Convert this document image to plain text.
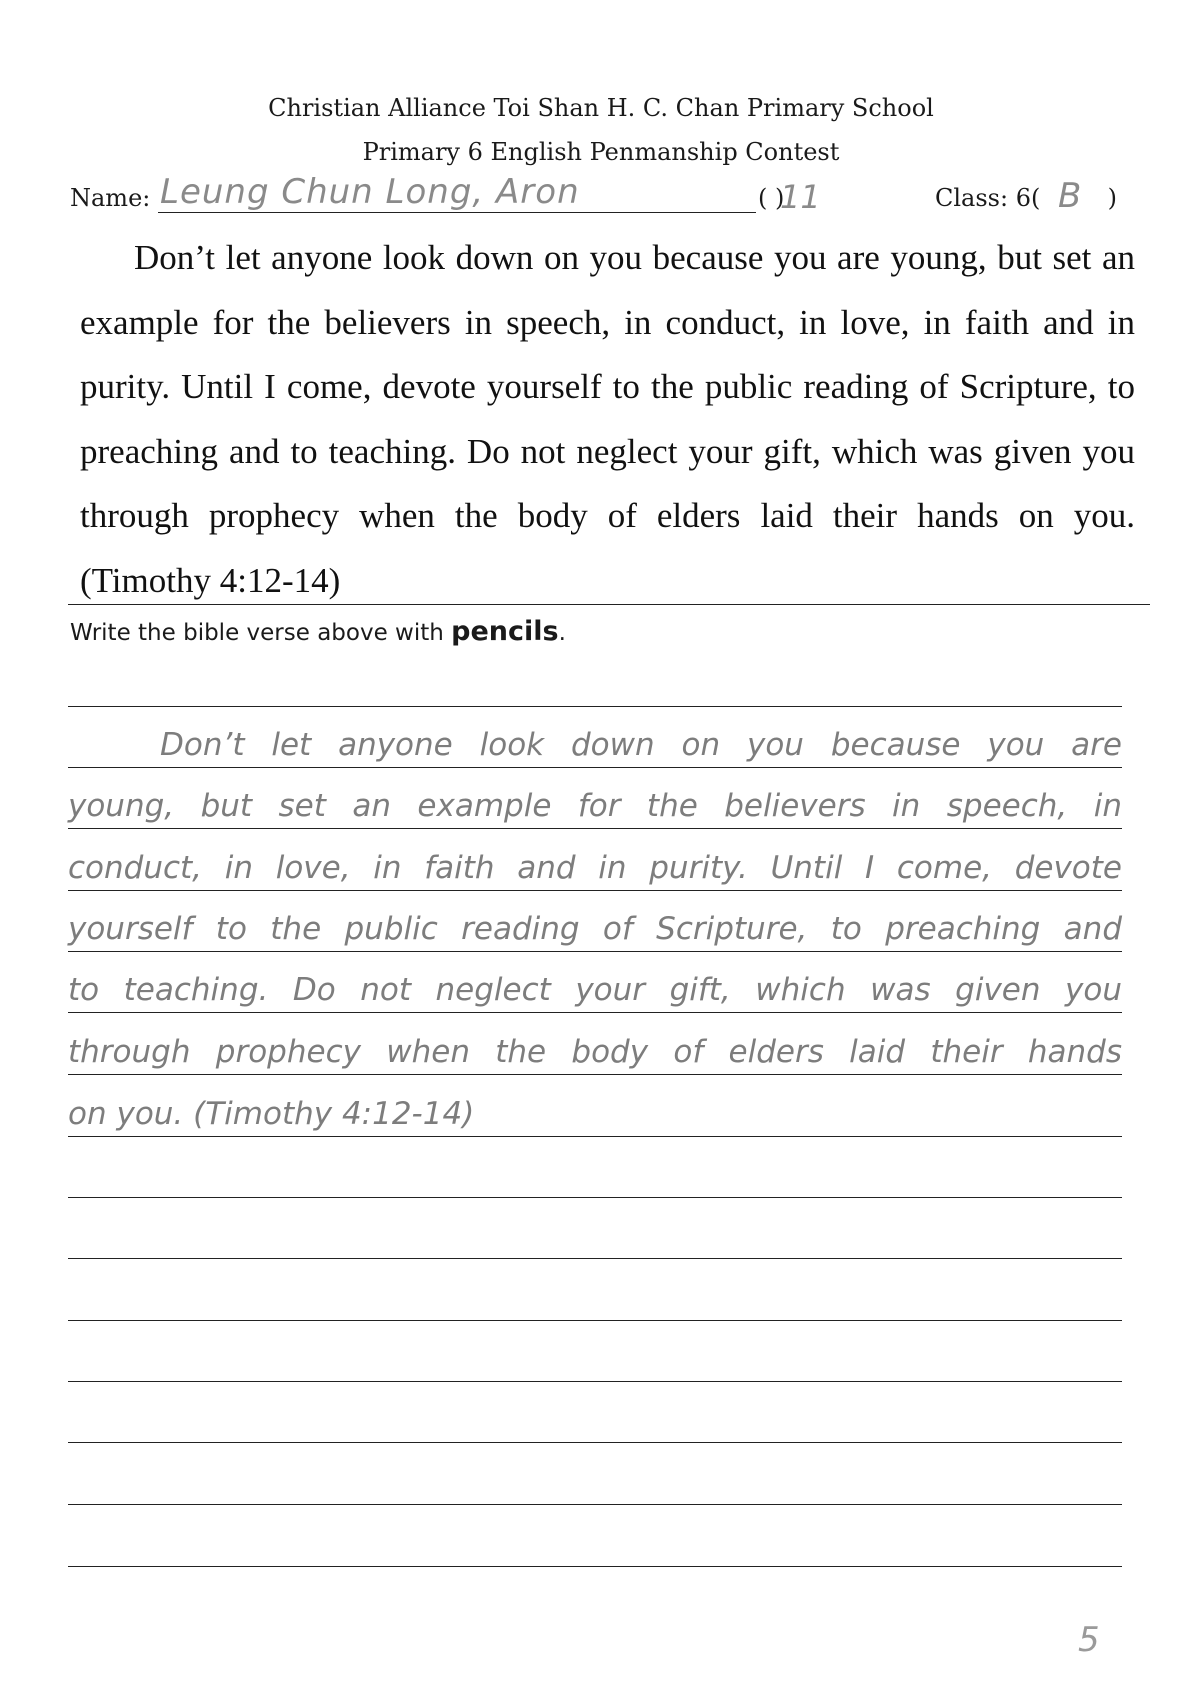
Christian Alliance Toi Shan H. C. Chan Primary School
Primary 6 English Penmanship Contest
Name: Leung Chun Long, Aron	( )
11	Class: 6(	)
B
Don’t let anyone look down on you because you are young, but set an example for the believers in speech, in conduct, in love, in faith and in purity. Until I come, devote yourself to the public reading of Scripture, to preaching and to teaching. Do not neglect your gift, which was given you through prophecy when the body of elders laid their hands on you. (Timothy 4:12-14)
Write the bible verse above with pencils.
Don’t let anyone look down on you because you are
young, but set an example for the believers in speech, in
conduct, in love, in faith and in purity. Until I come, devote
yourself to the public reading of Scripture, to preaching and
to teaching. Do not neglect your gift, which was given you
through prophecy when the body of elders laid their hands
on you. (Timothy 4:12-14)
5
